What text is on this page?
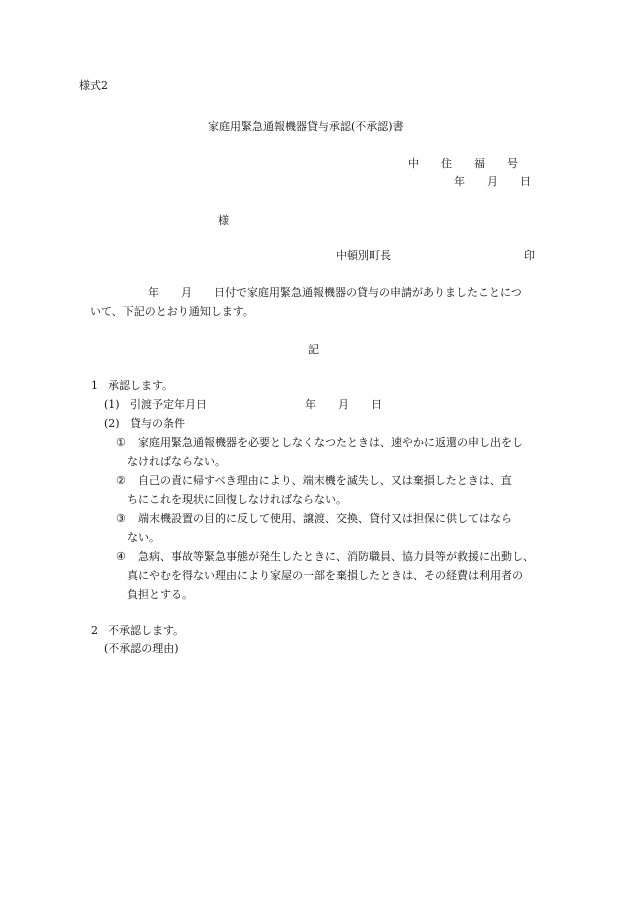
様式2
家庭用緊急通報機器貸与承認(不承認)書
中　　住　　福　　号
年　　月　　日
様
中頓別町長	印
年　　月　　日付で家庭用緊急通報機器の貸与の申請がありましたことにつ
いて、下記のとおり通知します。
記
1 承認します。
(1) 引渡予定年月日	年　　月　　日
(2) 貸与の条件
① 家庭用緊急通報機器を必要としなくなつたときは、速やかに返還の申し出をし
なければならない。
② 自己の責に帰すべき理由により、端末機を滅失し、又は棄損したときは、直
ちにこれを現状に回復しなければならない。
③ 端末機設置の目的に反して使用、譲渡、交換、貸付又は担保に供してはなら
ない。
④ 急病、事故等緊急事態が発生したときに、消防職員、協力員等が救援に出動し、
真にやむを得ない理由により家屋の一部を棄損したときは、その経費は利用者の
負担とする。
2 不承認します。
(不承認の理由)
